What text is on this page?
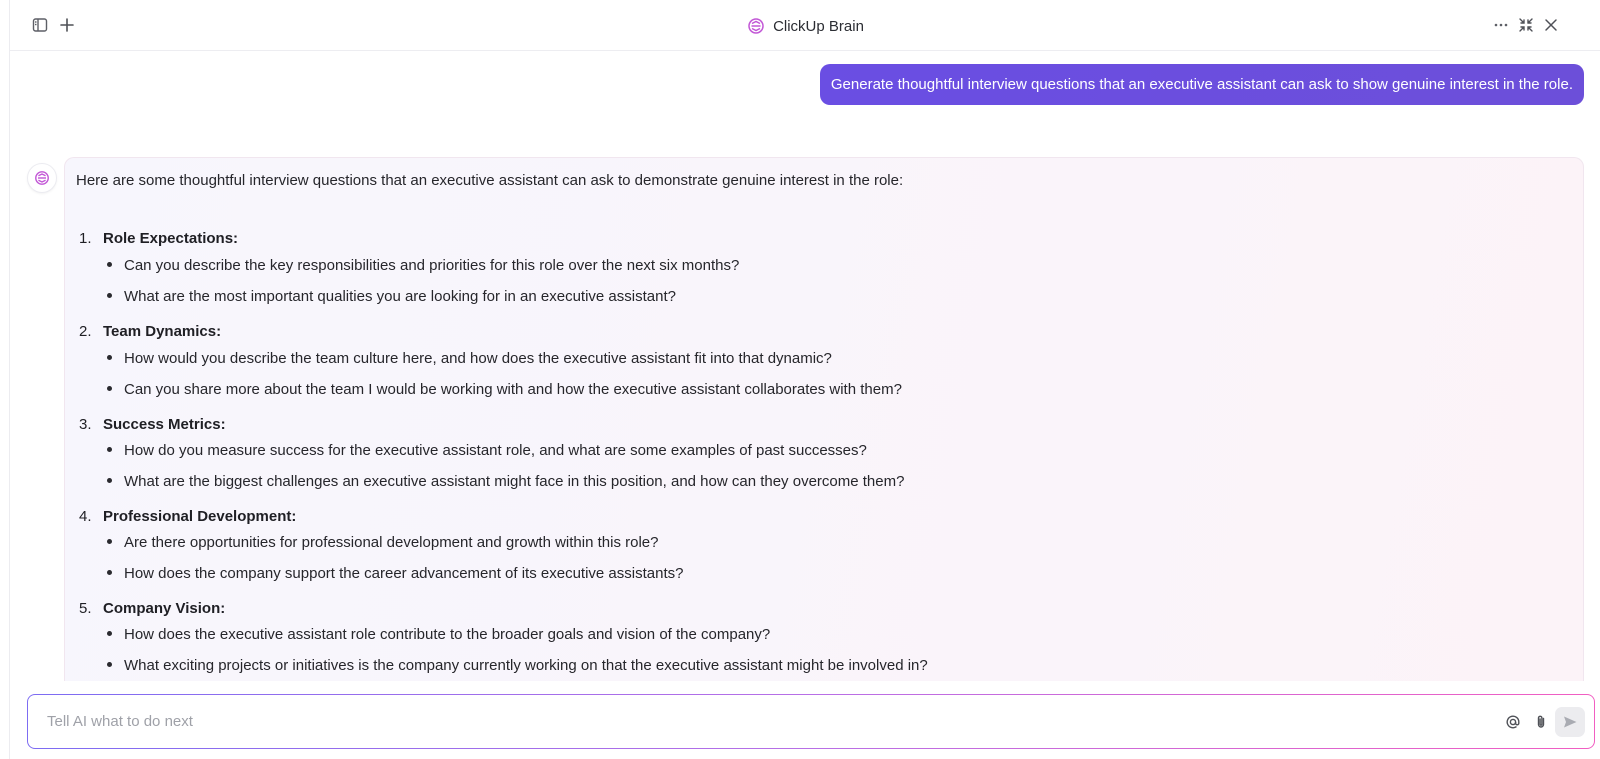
ClickUp Brain
Generate thoughtful interview questions that an executive assistant can ask to show genuine interest in the role.
Here are some thoughtful interview questions that an executive assistant can ask to demonstrate genuine interest in the role:
1. Role Expectations:
Can you describe the key responsibilities and priorities for this role over the next six months?
What are the most important qualities you are looking for in an executive assistant?
2. Team Dynamics:
How would you describe the team culture here, and how does the executive assistant fit into that dynamic?
Can you share more about the team I would be working with and how the executive assistant collaborates with them?
3. Success Metrics:
How do you measure success for the executive assistant role, and what are some examples of past successes?
What are the biggest challenges an executive assistant might face in this position, and how can they overcome them?
4. Professional Development:
Are there opportunities for professional development and growth within this role?
How does the company support the career advancement of its executive assistants?
5. Company Vision:
How does the executive assistant role contribute to the broader goals and vision of the company?
What exciting projects or initiatives is the company currently working on that the executive assistant might be involved in?
Tell AI what to do next
